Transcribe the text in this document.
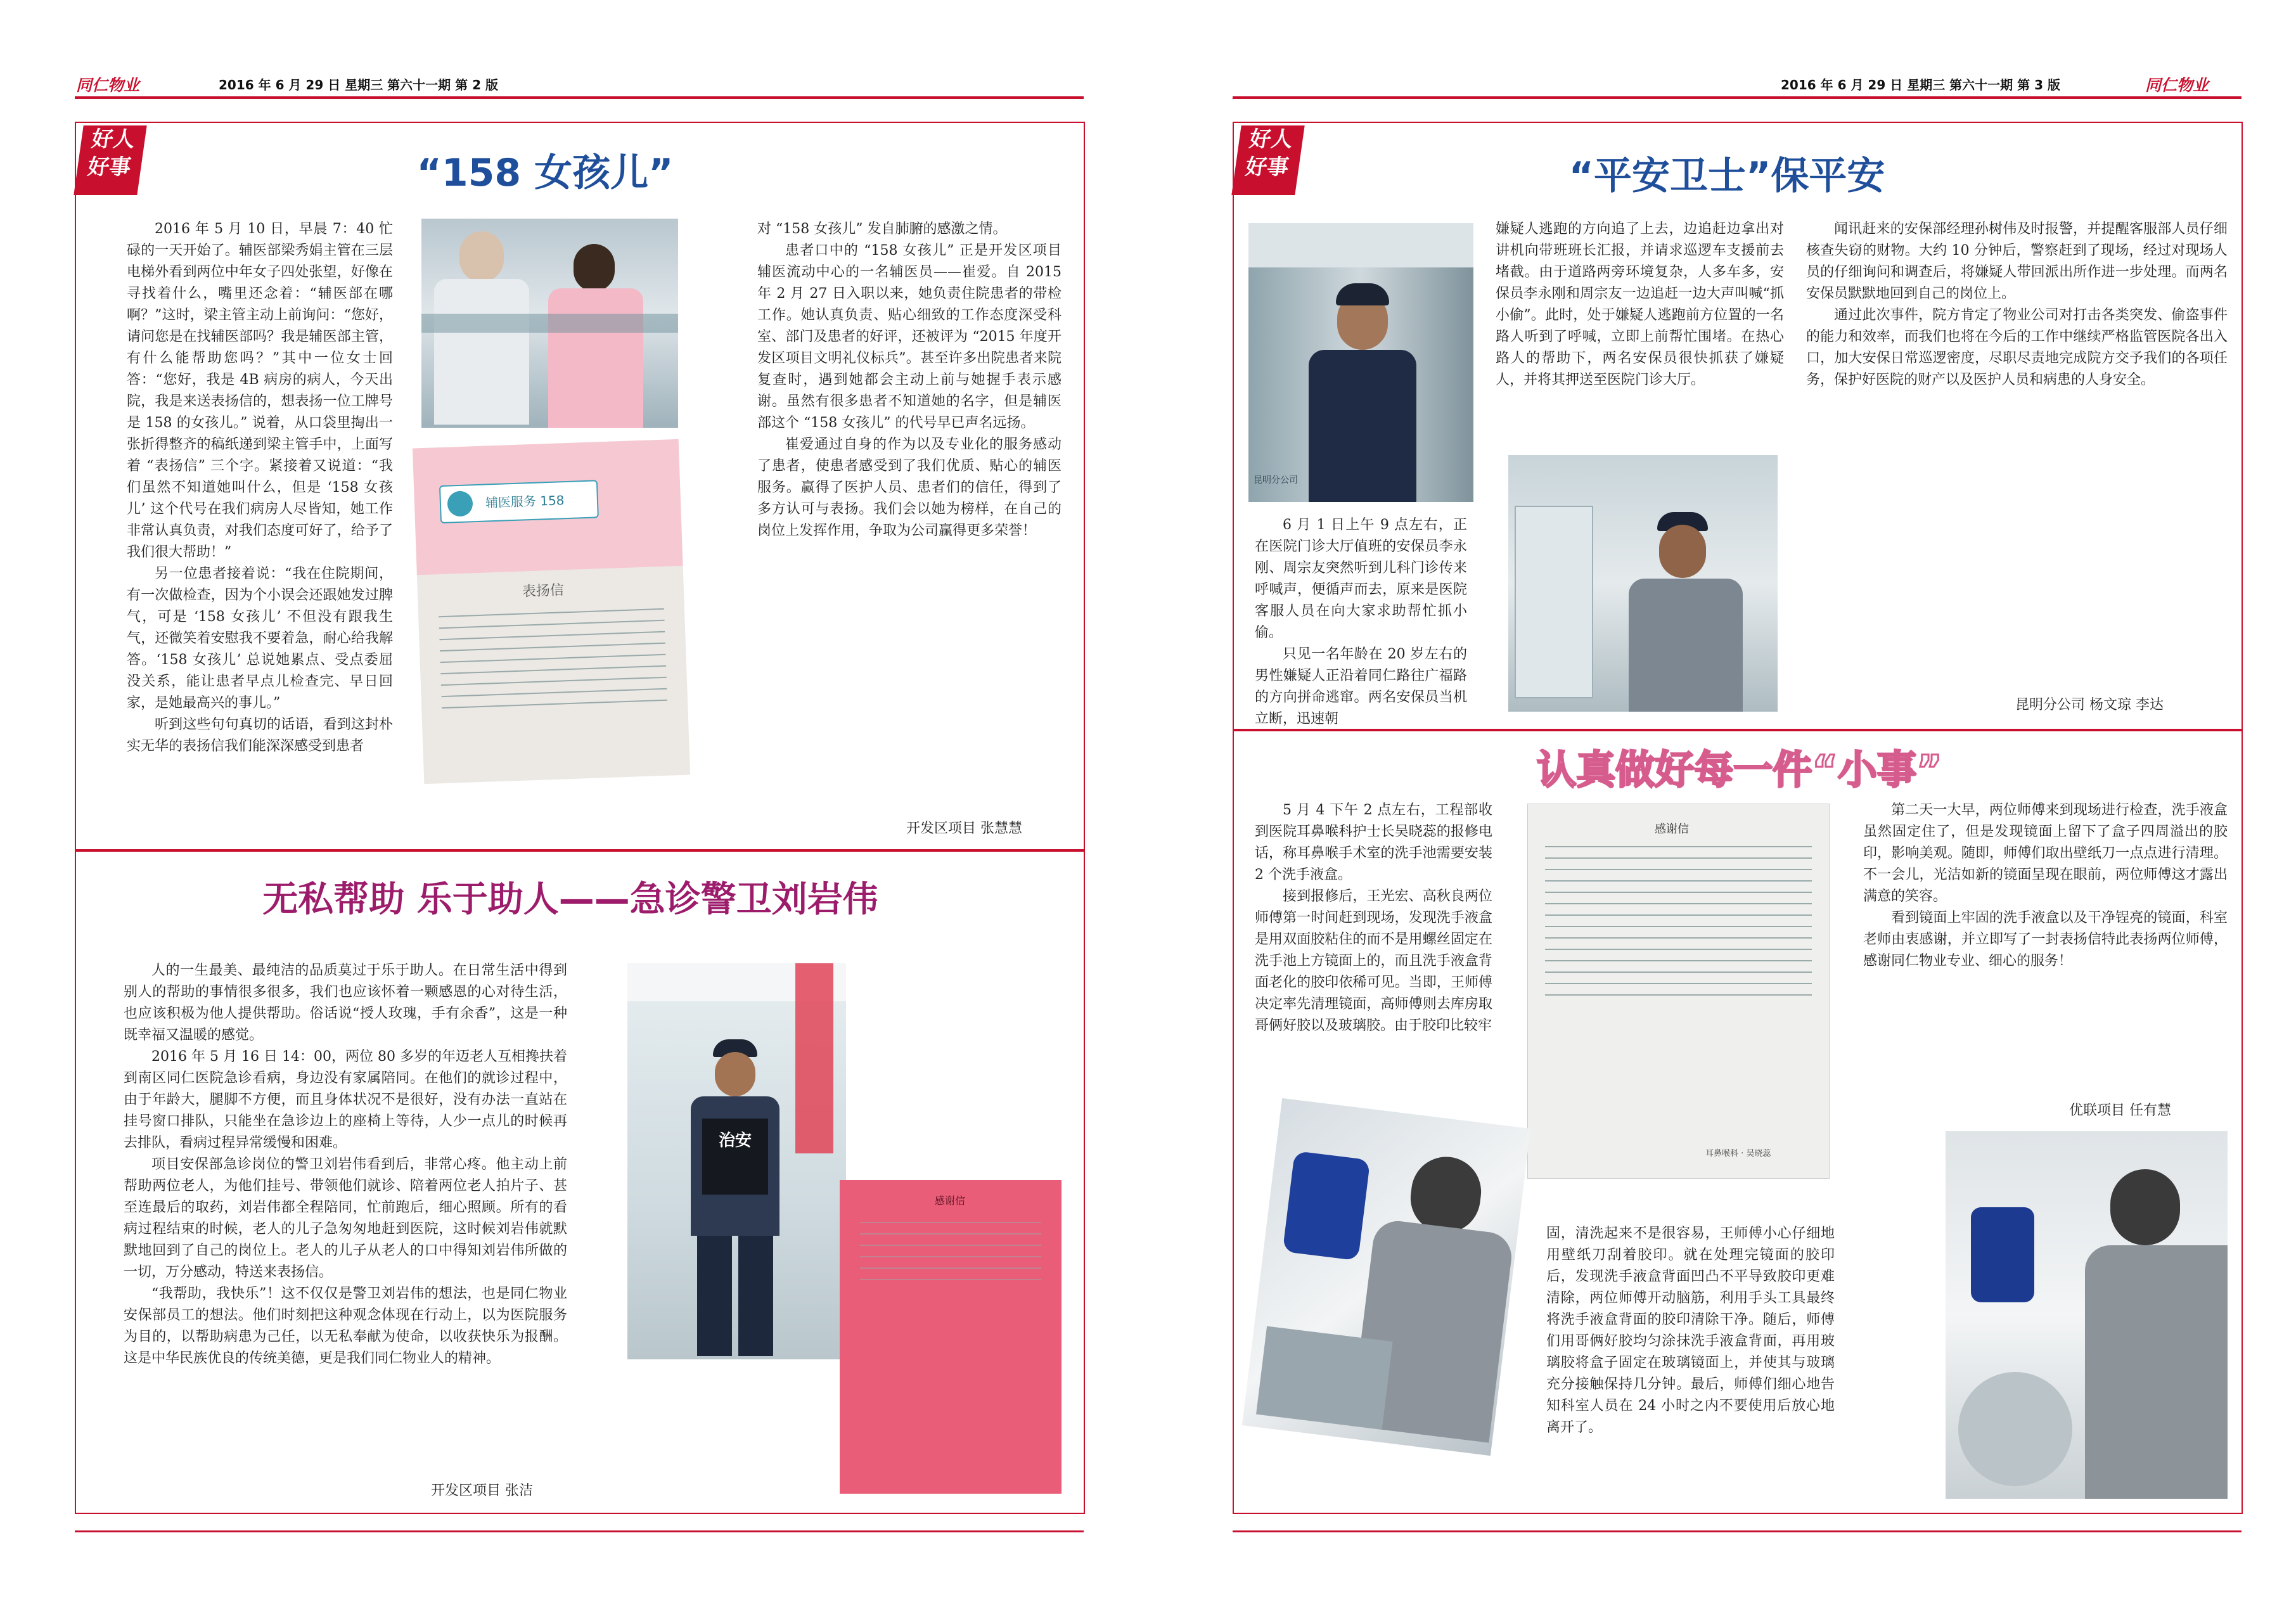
同仁物业	2016 年 6 月 29 日 星期三 第六十一期 第 2 版
好人
好事	“158 女孩儿”

2016 年 5 月 10 日，早晨 7：40 忙碌的一天开始了。辅医部梁秀娟主管在三层电梯外看到两位中年女子四处张望，好像在寻找着什么，嘴里还念着：“辅医部在哪啊？”这时，梁主管主动上前询问：“您好，请问您是在找辅医部吗？我是辅医部主管，有什么能帮助您吗？”其中一位女士回答：“您好，我是 4B 病房的病人，今天出院，我是来送表扬信的，想表扬一位工牌号是 158 的女孩儿。” 说着，从口袋里掏出一张折得整齐的稿纸递到梁主管手中，上面写着 “表扬信” 三个字。紧接着又说道：“我们虽然不知道她叫什么，但是 ‘158 女孩儿’ 这个代号在我们病房人尽皆知，她工作非常认真负责，对我们态度可好了，给予了我们很大帮助！”

另一位患者接着说：“我在住院期间，有一次做检查，因为个小误会还跟她发过脾气，可是 ‘158 女孩儿’ 不但没有跟我生气，还微笑着安慰我不要着急，耐心给我解答。‘158 女孩儿’ 总说她累点、受点委屈没关系，能让患者早点儿检查完、早日回家，是她最高兴的事儿。”

听到这些句句真切的话语，看到这封朴实无华的表扬信我们能深深感受到患者

辅医服务 158
表扬信

对 “158 女孩儿” 发自肺腑的感激之情。

患者口中的 “158 女孩儿” 正是开发区项目辅医流动中心的一名辅医员——崔爱。自 2015 年 2 月 27 日入职以来，她负责住院患者的带检工作。她认真负责、贴心细致的工作态度深受科室、部门及患者的好评，还被评为 “2015 年度开发区项目文明礼仪标兵”。甚至许多出院患者来院复查时，遇到她都会主动上前与她握手表示感谢。虽然有很多患者不知道她的名字，但是辅医部这个 “158 女孩儿” 的代号早已声名远扬。

崔爱通过自身的作为以及专业化的服务感动了患者，使患者感受到了我们优质、贴心的辅医服务。赢得了医护人员、患者们的信任，得到了多方认可与表扬。我们会以她为榜样，在自己的岗位上发挥作用，争取为公司赢得更多荣誉！

开发区项目 张慧慧
无私帮助 乐于助人——急诊警卫刘岩伟

人的一生最美、最纯洁的品质莫过于乐于助人。在日常生活中得到别人的帮助的事情很多很多，我们也应该怀着一颗感恩的心对待生活，也应该积极为他人提供帮助。俗话说“授人玫瑰，手有余香”，这是一种既幸福又温暖的感觉。

2016 年 5 月 16 日 14：00，两位 80 多岁的年迈老人互相搀扶着到南区同仁医院急诊看病，身边没有家属陪同。在他们的就诊过程中，由于年龄大，腿脚不方便，而且身体状况不是很好，没有办法一直站在挂号窗口排队，只能坐在急诊边上的座椅上等待，人少一点儿的时候再去排队，看病过程异常缓慢和困难。

项目安保部急诊岗位的警卫刘岩伟看到后，非常心疼。他主动上前帮助两位老人，为他们挂号、带领他们就诊、陪着两位老人拍片子、甚至连最后的取药，刘岩伟都全程陪同，忙前跑后，细心照顾。所有的看病过程结束的时候，老人的儿子急匆匆地赶到医院，这时候刘岩伟就默默地回到了自己的岗位上。老人的儿子从老人的口中得知刘岩伟所做的一切，万分感动，特送来表扬信。

“我帮助，我快乐”！这不仅仅是警卫刘岩伟的想法，也是同仁物业安保部员工的想法。他们时刻把这种观念体现在行动上，以为医院服务为目的，以帮助病患为己任，以无私奉献为使命，以收获快乐为报酬。这是中华民族优良的传统美德，更是我们同仁物业人的精神。

治安
感谢信
开发区项目 张洁
2016 年 6 月 29 日 星期三 第六十一期 第 3 版	同仁物业
好人
好事	“平安卫士”保平安
昆明分公司

6 月 1 日上午 9 点左右，正在医院门诊大厅值班的安保员李永刚、周宗友突然听到儿科门诊传来呼喊声，便循声而去，原来是医院客服人员在向大家求助帮忙抓小偷。

只见一名年龄在 20 岁左右的男性嫌疑人正沿着同仁路往广福路的方向拼命逃窜。两名安保员当机立断，迅速朝

嫌疑人逃跑的方向追了上去，边追赶边拿出对讲机向带班班长汇报，并请求巡逻车支援前去堵截。由于道路两旁环境复杂，人多车多，安保员李永刚和周宗友一边追赶一边大声叫喊“抓小偷”。此时，处于嫌疑人逃跑前方位置的一名路人听到了呼喊，立即上前帮忙围堵。在热心路人的帮助下，两名安保员很快抓获了嫌疑人，并将其押送至医院门诊大厅。

闻讯赶来的安保部经理孙树伟及时报警，并提醒客服部人员仔细核查失窃的财物。大约 10 分钟后，警察赶到了现场，经过对现场人员的仔细询问和调查后，将嫌疑人带回派出所作进一步处理。而两名安保员默默地回到自己的岗位上。

通过此次事件，院方肯定了物业公司对打击各类突发、偷盗事件的能力和效率，而我们也将在今后的工作中继续严格监管医院各出入口，加大安保日常巡逻密度，尽职尽责地完成院方交予我们的各项任务，保护好医院的财产以及医护人员和病患的人身安全。

昆明分公司 杨文琼 李达
认真做好每一件“小事”

5 月 4 下午 2 点左右，工程部收到医院耳鼻喉科护士长吴晓蕊的报修电话，称耳鼻喉手术室的洗手池需要安装 2 个洗手液盒。

接到报修后，王光宏、高秋良两位师傅第一时间赶到现场，发现洗手液盒是用双面胶粘住的而不是用螺丝固定在洗手池上方镜面上的，而且洗手液盒背面老化的胶印依稀可见。当即，王师傅决定率先清理镜面，高师傅则去库房取哥俩好胶以及玻璃胶。由于胶印比较牢

感谢信
耳鼻喉科 · 吴晓蕊

第二天一大早，两位师傅来到现场进行检查，洗手液盒虽然固定住了，但是发现镜面上留下了盒子四周溢出的胶印，影响美观。随即，师傅们取出壁纸刀一点点进行清理。不一会儿，光洁如新的镜面呈现在眼前，两位师傅这才露出满意的笑容。

看到镜面上牢固的洗手液盒以及干净锃亮的镜面，科室老师由衷感谢，并立即写了一封表扬信特此表扬两位师傅，感谢同仁物业专业、细心的服务！

优联项目 任有慧

固，清洗起来不是很容易，王师傅小心仔细地用壁纸刀刮着胶印。就在处理完镜面的胶印后，发现洗手液盒背面凹凸不平导致胶印更难清除，两位师傅开动脑筋，利用手头工具最终将洗手液盒背面的胶印清除干净。随后，师傅们用哥俩好胶均匀涂抹洗手液盒背面，再用玻璃胶将盒子固定在玻璃镜面上，并使其与玻璃充分接触保持几分钟。最后，师傅们细心地告知科室人员在 24 小时之内不要使用后放心地离开了。
